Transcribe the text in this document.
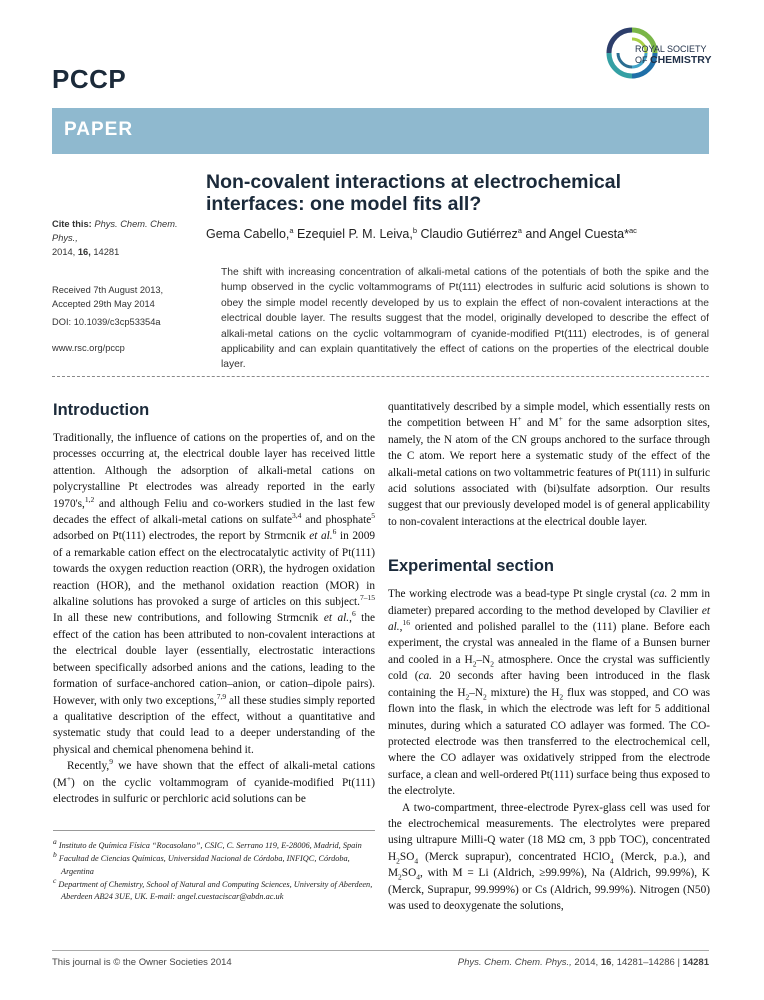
PCCP
ROYAL SOCIETY
OF CHEMISTRY
PAPER
Non-covalent interactions at electrochemical interfaces: one model fits all?
Gema Cabello,$^a$ Ezequiel P. M. Leiva,$^b$ Claudio Gutiérrez$^a$ and Angel Cuesta*$^{ac}$
The shift with increasing concentration of alkali-metal cations of the potentials of both the spike and the hump observed in the cyclic voltammograms of Pt(111) electrodes in sulfuric acid solutions is shown to obey the simple model recently developed by us to explain the effect of non-covalent interactions at the electrical double layer. The results suggest that the model, originally developed to describe the effect of alkali-metal cations on the cyclic voltammogram of cyanide-modified Pt(111) electrodes, is of general applicability and can explain quantitatively the effect of cations on the properties of the electrical double layer.
Cite this: Phys. Chem. Chem. Phys.,
2014, 16, 14281
Received 7th August 2013,
Accepted 29th May 2014
DOI: 10.1039/c3cp53354a
www.rsc.org/pccp
Introduction

Traditionally, the influence of cations on the properties of, and on the processes occurring at, the electrical double layer has received little attention. Although the adsorption of alkali-metal cations on polycrystalline Pt electrodes was already reported in the early 1970's,$^{1,2}$ and although Feliu and co-workers studied in the last few decades the effect of alkali-metal cations on sulfate$^{3,4}$ and phosphate$^5$ adsorbed on Pt(111) electrodes, the report by Strmcnik et al.$^6$ in 2009 of a remarkable cation effect on the electrocatalytic activity of Pt(111) towards the oxygen reduction reaction (ORR), the hydrogen oxidation reaction (HOR), and the methanol oxidation reaction (MOR) in alkaline solutions has provoked a surge of articles on this subject.$^{7-15}$ In all these new contributions, and following Strmcnik et al.,$^6$ the effect of the cation has been attributed to non-covalent interactions at the electrical double layer (essentially, electrostatic interactions between specifically adsorbed anions and the cations, leading to the formation of surface-anchored cation–anion, or cation–dipole pairs). However, with only two exceptions,$^{7,9}$ all these studies simply reported a qualitative description of the effect, without a quantitative and systematic study that could lead to a deeper understanding of the physical and chemical phenomena behind it.

Recently,$^9$ we have shown that the effect of alkali-metal cations (M+) on the cyclic voltammogram of cyanide-modified Pt(111) electrodes in sulfuric or perchloric acid solutions can be

$^a$ Instituto de Química Física “Rocasolano”, CSIC, C. Serrano 119, E-28006, Madrid, Spain
$^b$ Facultad de Ciencias Químicas, Universidad Nacional de Córdoba, INFIQC, Córdoba, Argentina
$^c$ Department of Chemistry, School of Natural and Computing Sciences, University of Aberdeen, Aberdeen AB24 3UE, UK. E-mail: angel.cuestaciscar@abdn.ac.uk

quantitatively described by a simple model, which essentially rests on the competition between H+ and M+ for the same adsorption sites, namely, the N atom of the CN groups anchored to the surface through the C atom. We report here a systematic study of the effect of the alkali-metal cations on two voltammetric features of Pt(111) in sulfuric acid solutions associated with (bi)sulfate adsorption. Our results suggest that our previously developed model is of general applicability to non-covalent interactions at the electrical double layer.

Experimental section

The working electrode was a bead-type Pt single crystal (ca. 2 mm in diameter) prepared according to the method developed by Clavilier et al.,$^{16}$ oriented and polished parallel to the (111) plane. Before each experiment, the crystal was annealed in the flame of a Bunsen burner and cooled in a $H_2-N_2$ atmosphere. Once the crystal was sufficiently cold (ca. 20 seconds after having been introduced in the flask containing the $H_2-N_2$ mixture) the $H_2$ flux was stopped, and CO was flown into the flask, in which the electrode was left for 5 additional minutes, during which a saturated CO adlayer was formed. The CO-protected electrode was then transferred to the electrochemical cell, where the CO adlayer was oxidatively stripped from the electrode surface, a clean and well-ordered Pt(111) surface being thus exposed to the electrolyte.

A two-compartment, three-electrode Pyrex-glass cell was used for the electrochemical measurements. The electrolytes were prepared using ultrapure Milli-Q water (18 MΩ cm, 3 ppb TOC), concentrated $H_2SO_4$ (Merck suprapur), concentrated HClO$_4$ (Merck, p.a.), and $M_2SO_4$, with M = Li (Aldrich, ≥99.99%), Na (Aldrich, 99.99%), K (Merck, Suprapur, 99.999%) or Cs (Aldrich, 99.99%). Nitrogen (N50) was used to deoxygenate the solutions,

This journal is © the Owner Societies 2014	Phys. Chem. Chem. Phys., 2014, 16, 14281–14286 | 14281
